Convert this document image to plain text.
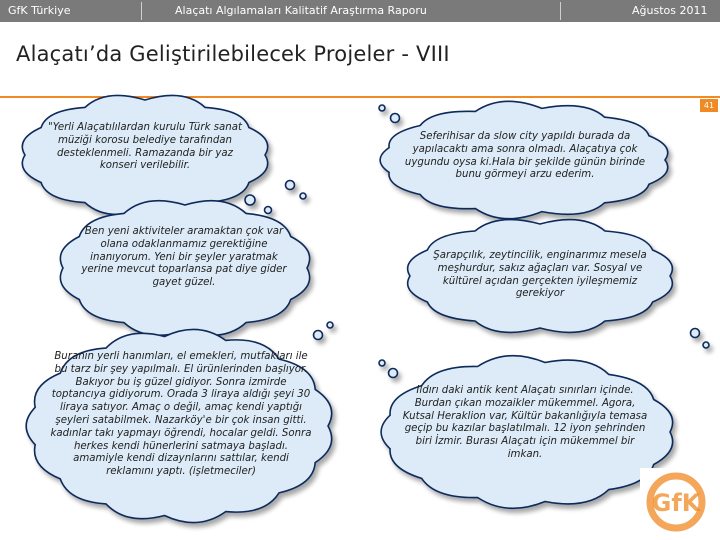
GfK Türkiye	Alaçatı Algılamaları Kalitatif Araştırma Raporu	Ağustos 2011
Alaçatı’da Geliştirilebilecek Projeler - VIII
41
"Yerli Alaçatılılardan kurulu Türk sanat müziği korosu belediye tarafından desteklenmeli. Ramazanda bir yaz konseri verilebilir.
Ben yeni aktiviteler aramaktan çok var olana odaklanmamız gerektiğine inanıyorum. Yeni bir şeyler yaratmak yerine mevcut toparlansa pat diye gider gayet güzel.
Buranın yerli hanımları, el emekleri, mutfakları ile bu tarz bir şey yapılmalı. El ürünlerinden başlıyor. Bakıyor bu iş güzel gidiyor. Sonra izmirde toptancıya gidiyorum. Orada 3 liraya aldığı şeyi 30 liraya satıyor. Amaç o değil, amaç kendi yaptığı şeyleri satabilmek. Nazarköy'e bir çok insan gitti. kadınlar takı yapmayı öğrendi, hocalar geldi. Sonra herkes kendi hünerlerini satmaya başladı. amamiyle kendi dizaynlarını sattılar, kendi reklamını yaptı. (işletmeciler)
Seferihisar da slow city yapıldı burada da yapılacaktı ama sonra olmadı. Alaçatıya çok uygundu oysa ki.Hala bir şekilde günün birinde bunu görmeyi arzu ederim.
Şarapçılık, zeytincilik, enginarımız mesela meşhurdur, sakız ağaçları var. Sosyal ve kültürel açıdan gerçekten iyileşmemiz gerekiyor
Ildırı daki antik kent Alaçatı sınırları içinde. Burdan çıkan mozaikler mükemmel. Agora, Kutsal Heraklion var, Kültür bakanlığıyla temasa geçip bu kazılar başlatılmalı. 12 iyon şehrinden biri İzmir. Burası Alaçatı için mükemmel bir imkan.
GfK
